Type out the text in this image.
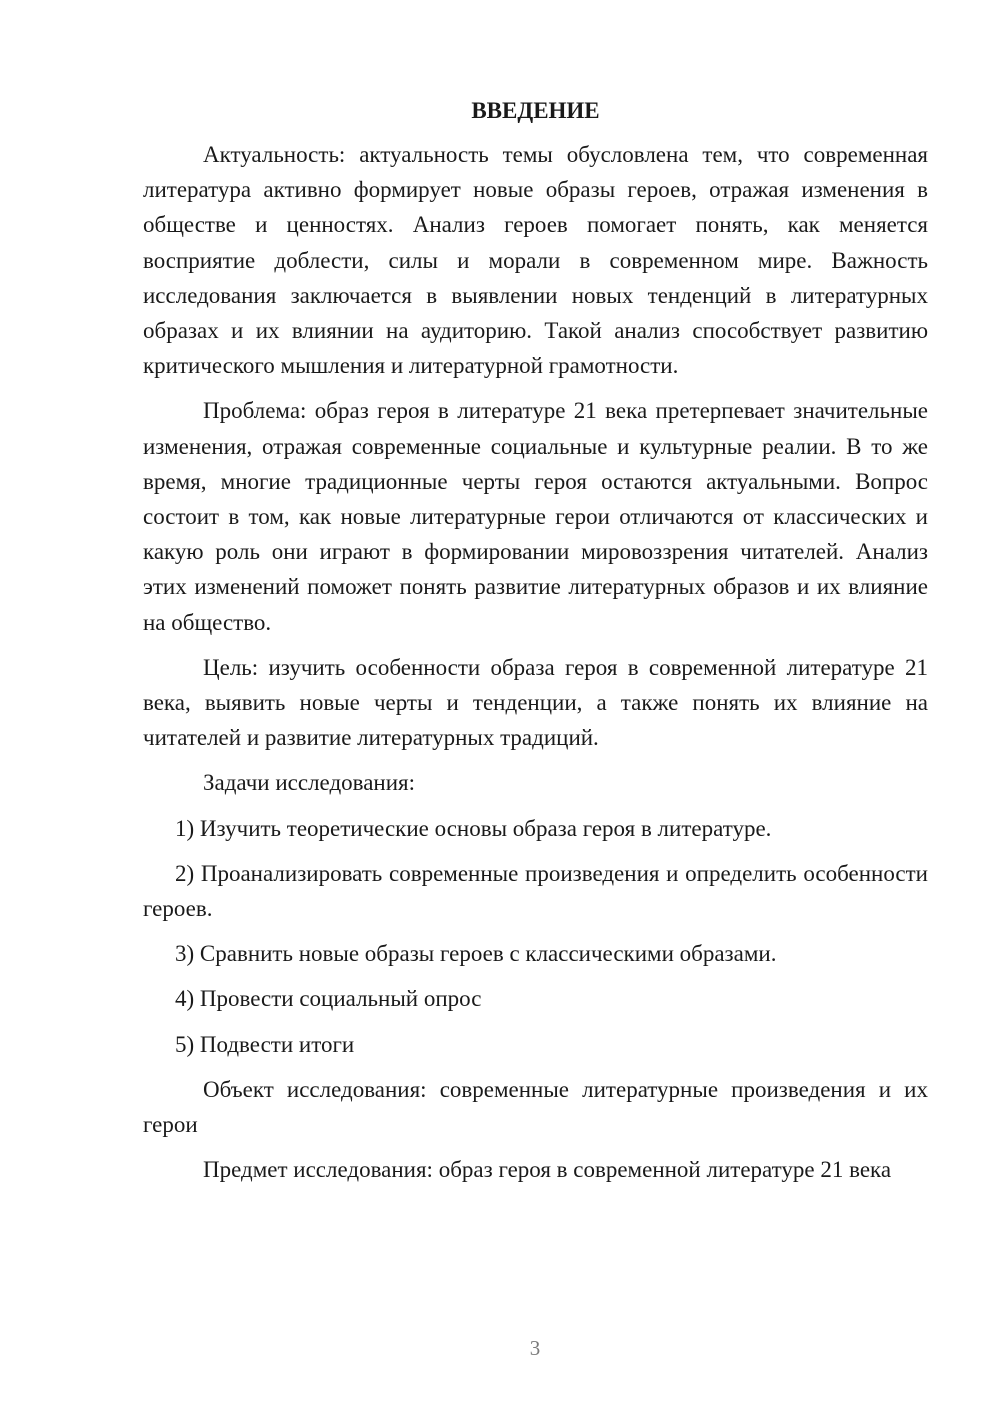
ВВЕДЕНИЕ

Актуальность: актуальность темы обусловлена тем, что современная литература активно формирует новые образы героев, отражая изменения в обществе и ценностях. Анализ героев помогает понять, как меняется восприятие доблести, силы и морали в современном мире. Важность исследования заключается в выявлении новых тенденций в литературных образах и их влиянии на аудиторию. Такой анализ способствует развитию критического мышления и литературной грамотности.

Проблема: образ героя в литературе 21 века претерпевает значительные изменения, отражая современные социальные и культурные реалии. В то же время, многие традиционные черты героя остаются актуальными. Вопрос состоит в том, как новые литературные герои отличаются от классических и какую роль они играют в формировании мировоззрения читателей. Анализ этих изменений поможет понять развитие литературных образов и их влияние на общество.

Цель: изучить особенности образа героя в современной литературе 21 века, выявить новые черты и тенденции, а также понять их влияние на читателей и развитие литературных традиций.

Задачи исследования:

1) Изучить теоретические основы образа героя в литературе.

2) Проанализировать современные произведения и определить особенности героев.

3) Сравнить новые образы героев с классическими образами.

4) Провести социальный опрос

5) Подвести итоги

Объект исследования: современные литературные произведения и их герои

Предмет исследования: образ героя в современной литературе 21 века

3
